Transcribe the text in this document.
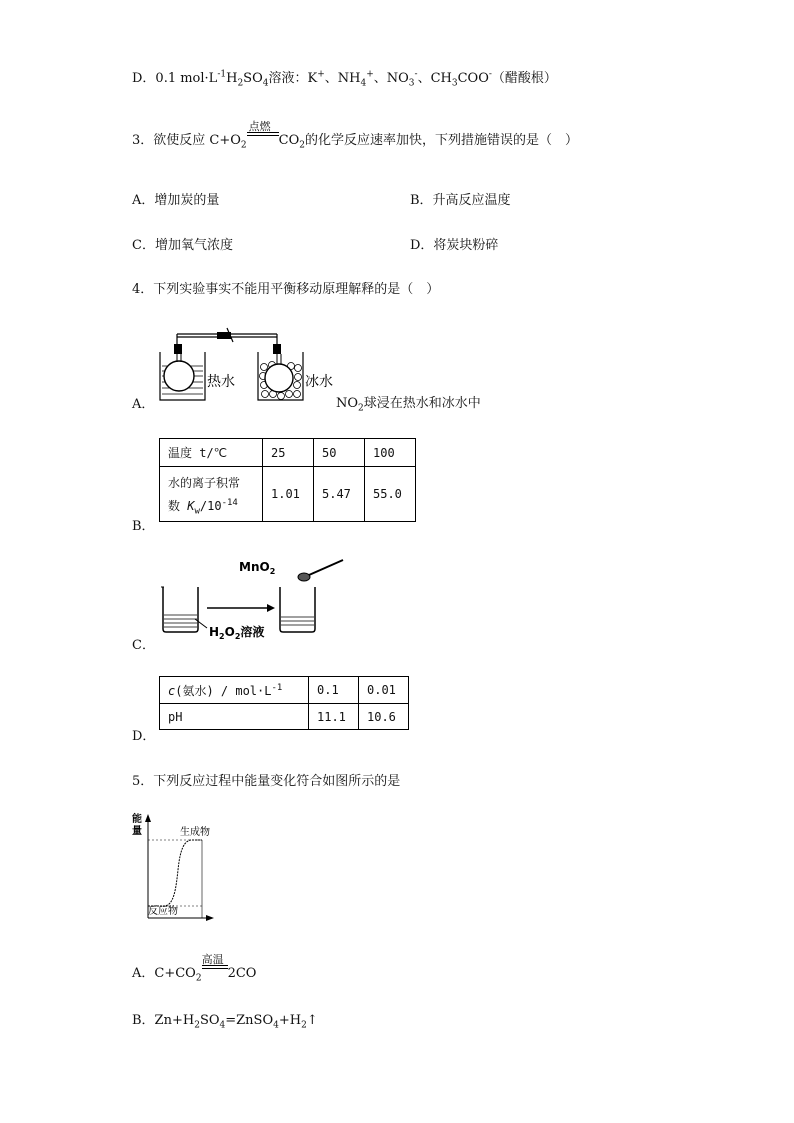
D．0.1 $mol\cdot L^{-1}H_2SO_4$溶液：K+、$NH_4^+$、$NO_3^-$、$CH_3COO^-$（醋酸根）
3．欲使反应 $C+O_2$
点燃
$CO_2$的化学反应速率加快，下列措施错误的是（　）
A．增加炭的量	B．升高反应温度
C．增加氧气浓度	D．将炭块粉碎
4．下列实验事实不能用平衡移动原理解释的是（　）
A．
热水	冰水
$NO_2$球浸在热水和冰水中
B．
温度 t/℃	25	50	100

水的离子积常
数 $K_w/10^{-14}$	1.01	5.47	55.0
C．
MnO$_2$
$H_2O_2$溶液
D．
c(氨水) / $mol\cdot L^{-1}$	0.1	0.01
pH	11.1	10.6
5．下列反应过程中能量变化符合如图所示的是
能
量	生成物
反应物
A．$C+CO_2$
高温
2CO
B．$Zn+H_2SO_4=ZnSO_4+H_2↑$
